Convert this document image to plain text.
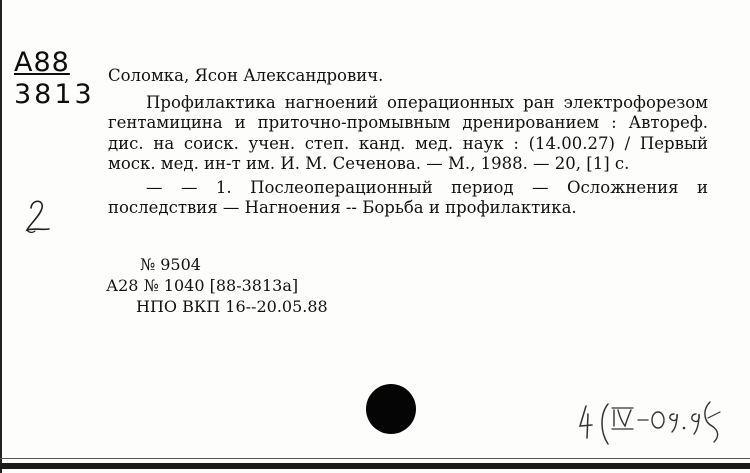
А88
3813
Соломка, Ясон Александрович.
Профилактика нагноений операционных ран электрофорезом гентамицина и приточно-промывным дренированием : Автореф. дис. на соиск. учен. степ. канд. мед. наук : (14.00.27) / Первый моск. мед. ин-т им. И. М. Сеченова. — М., 1988. — 20, [1] с.
— — 1. Послеоперационный период — Осложнения и последствия — Нагноения -- Борьба и профилактика.
№ 9504
А28 № 1040 [88-3813а]
НПО ВКП 16--20.05.88
